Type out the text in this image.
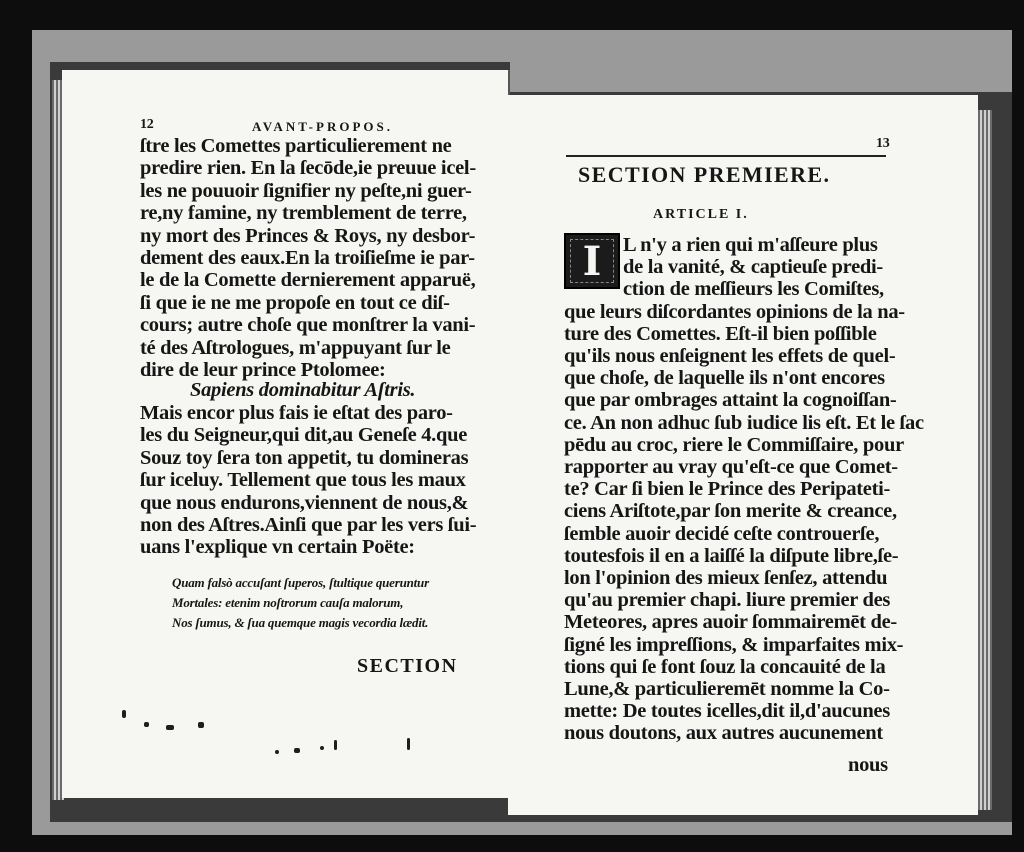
12	AVANT-PROPOS.
ſtre les Comettes particulierement ne
predire rien. En la ſecōde,ie preuue icel-
les ne pouuoir ſignifier ny peſte,ni guer-
re,ny famine, ny tremblement de terre,
ny mort des Princes & Roys, ny desbor-
dement des eaux.En la troiſieſme ie par-
le de la Comette dernierement apparuë,
ſi que ie ne me propoſe en tout ce diſ-
cours; autre choſe que monſtrer la vani-
té des Aſtrologues, m'appuyant ſur le
dire de leur prince Ptolomee:
Sapiens dominabitur Aſtris.
Mais encor plus fais ie eſtat des paro-
les du Seigneur,qui dit,au Geneſe 4.que
Souz toy ſera ton appetit, tu domineras
ſur iceluy. Tellement que tous les maux
que nous endurons,viennent de nous,&
non des Aſtres.Ainſi que par les vers ſui-
uans l'explique vn certain Poëte:
Quam falsò accuſant ſuperos, ſtultique queruntur
Mortales: etenim noſtrorum cauſa malorum,
Nos ſumus, & ſua quemque magis vecordia lædit.
SECTION
13
SECTION PREMIERE.
ARTICLE I.
I	L n'y a rien qui m'aſſeure plus
de la vanité, & captieuſe predi-
ction de meſſieurs les Comiſtes,
que leurs diſcordantes opinions de la na-
ture des Comettes. Eſt-il bien poſſible
qu'ils nous enſeignent les effets de quel-
que choſe, de laquelle ils n'ont encores
que par ombrages attaint la cognoiſſan-
ce. An non adhuc ſub iudice lis eſt. Et le ſac
pēdu au croc, riere le Commiſſaire, pour
rapporter au vray qu'eſt-ce que Comet-
te? Car ſi bien le Prince des Peripateti-
ciens Ariſtote,par ſon merite & creance,
ſemble auoir decidé ceſte controuerſe,
toutesfois il en a laiſſé la diſpute libre,ſe-
lon l'opinion des mieux ſenſez, attendu
qu'au premier chapi. liure premier des
Meteores, apres auoir ſommairemēt de-
ſigné les impreſſions, & imparfaites mix-
tions qui ſe font ſouz la concauité de la
Lune,& particulieremēt nomme la Co-
mette: De toutes icelles,dit il,d'aucunes
nous doutons, aux autres aucunement
nous
